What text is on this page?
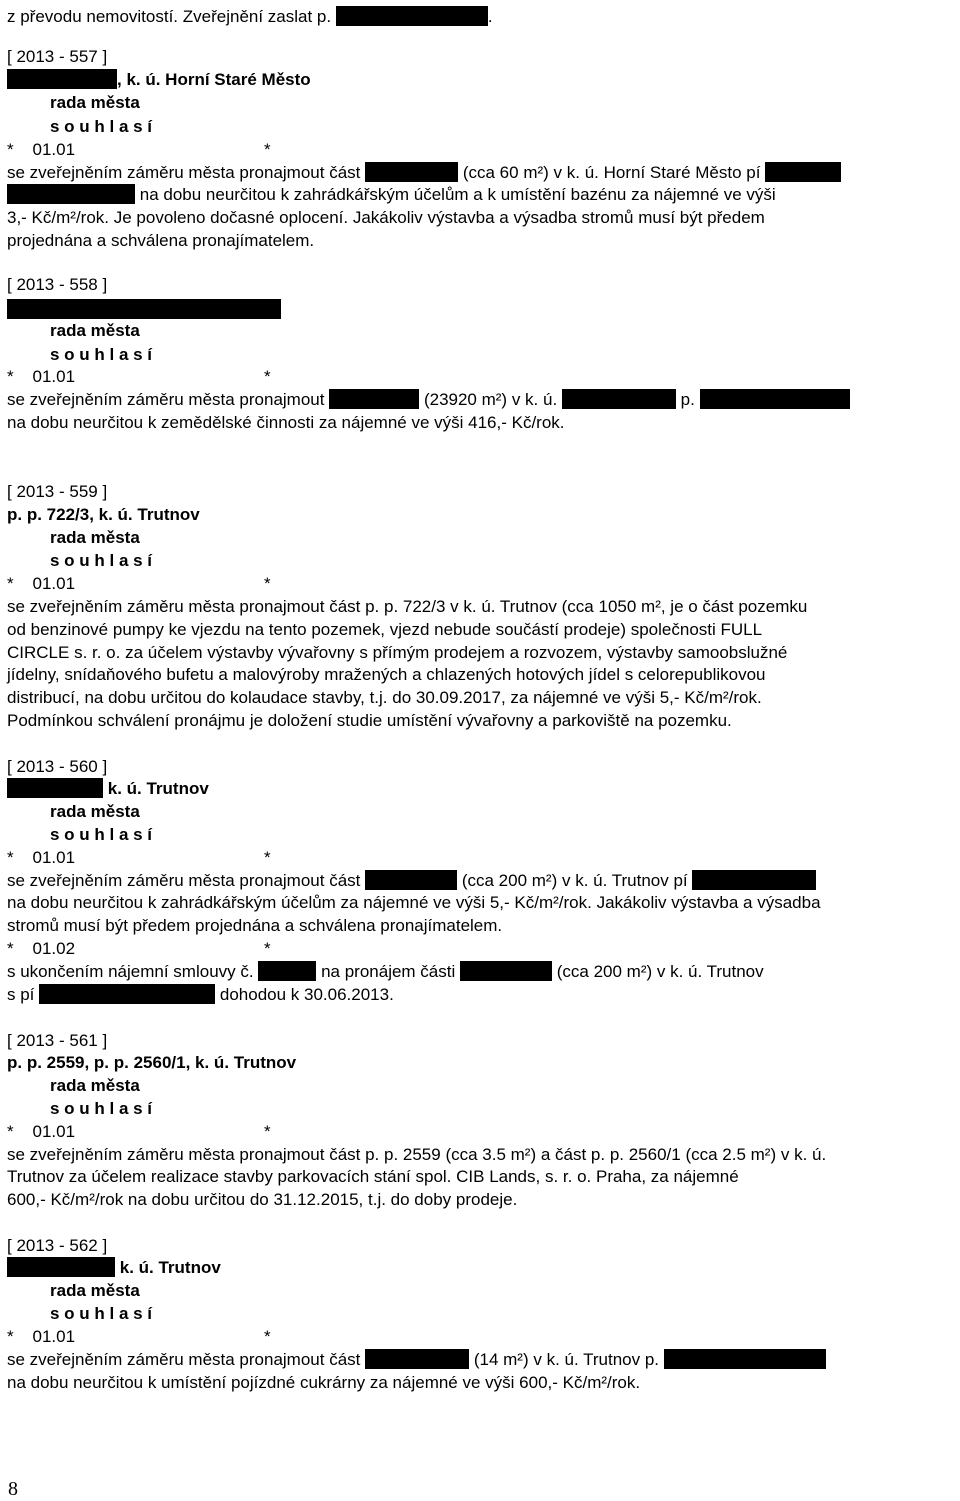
z převodu nemovitostí. Zveřejnění zaslat p.	.
[ 2013 - 557 ]
, k. ú. Horní Staré Město
rada města
s o u h l a s í
*    01.01                                        *
se zveřejněním záměru města pronajmout část	(cca 60 m²) v k. ú. Horní Staré Město pí
na dobu neurčitou k zahrádkářským účelům a k umístění bazénu za nájemné ve výši
3,- Kč/m²/rok. Je povoleno dočasné oplocení. Jakákoliv výstavba a výsadba stromů musí být předem
projednána a schválena pronajímatelem.
[ 2013 - 558 ]
rada města
s o u h l a s í
*    01.01                                        *
se zveřejněním záměru města pronajmout	(23920 m²) v k. ú.	p.
na dobu neurčitou k zemědělské činnosti za nájemné ve výši 416,- Kč/rok.
[ 2013 - 559 ]
p. p. 722/3, k. ú. Trutnov
rada města
s o u h l a s í
*    01.01                                        *
se zveřejněním záměru města pronajmout část p. p. 722/3 v k. ú. Trutnov (cca 1050 m², je o část pozemku
od benzinové pumpy ke vjezdu na tento pozemek, vjezd nebude součástí prodeje) společnosti FULL
CIRCLE s. r. o. za účelem výstavby vývařovny s přímým prodejem a rozvozem, výstavby samoobslužné
jídelny, snídaňového bufetu a malovýroby mražených a chlazených hotových jídel s celorepublikovou
distribucí, na dobu určitou do kolaudace stavby, t.j. do 30.09.2017, za nájemné ve výši 5,- Kč/m²/rok.
Podmínkou schválení pronájmu je doložení studie umístění vývařovny a parkoviště na pozemku.
[ 2013 - 560 ]
k. ú. Trutnov
rada města
s o u h l a s í
*    01.01                                        *
se zveřejněním záměru města pronajmout část	(cca 200 m²) v k. ú. Trutnov pí
na dobu neurčitou k zahrádkářským účelům za nájemné ve výši 5,- Kč/m²/rok. Jakákoliv výstavba a výsadba
stromů musí být předem projednána a schválena pronajímatelem.
*    01.02                                        *
s ukončením nájemní smlouvy č.	na pronájem části	(cca 200 m²) v k. ú. Trutnov
s pí	dohodou k 30.06.2013.
[ 2013 - 561 ]
p. p. 2559, p. p. 2560/1, k. ú. Trutnov
rada města
s o u h l a s í
*    01.01                                        *
se zveřejněním záměru města pronajmout část p. p. 2559 (cca 3.5 m²) a část p. p. 2560/1 (cca 2.5 m²) v k. ú.
Trutnov za účelem realizace stavby parkovacích stání spol. CIB Lands, s. r. o. Praha, za nájemné
600,- Kč/m²/rok na dobu určitou do 31.12.2015, t.j. do doby prodeje.
[ 2013 - 562 ]
k. ú. Trutnov
rada města
s o u h l a s í
*    01.01                                        *
se zveřejněním záměru města pronajmout část	(14 m²) v k. ú. Trutnov p.
na dobu neurčitou k umístění pojízdné cukrárny za nájemné ve výši 600,- Kč/m²/rok.
8
